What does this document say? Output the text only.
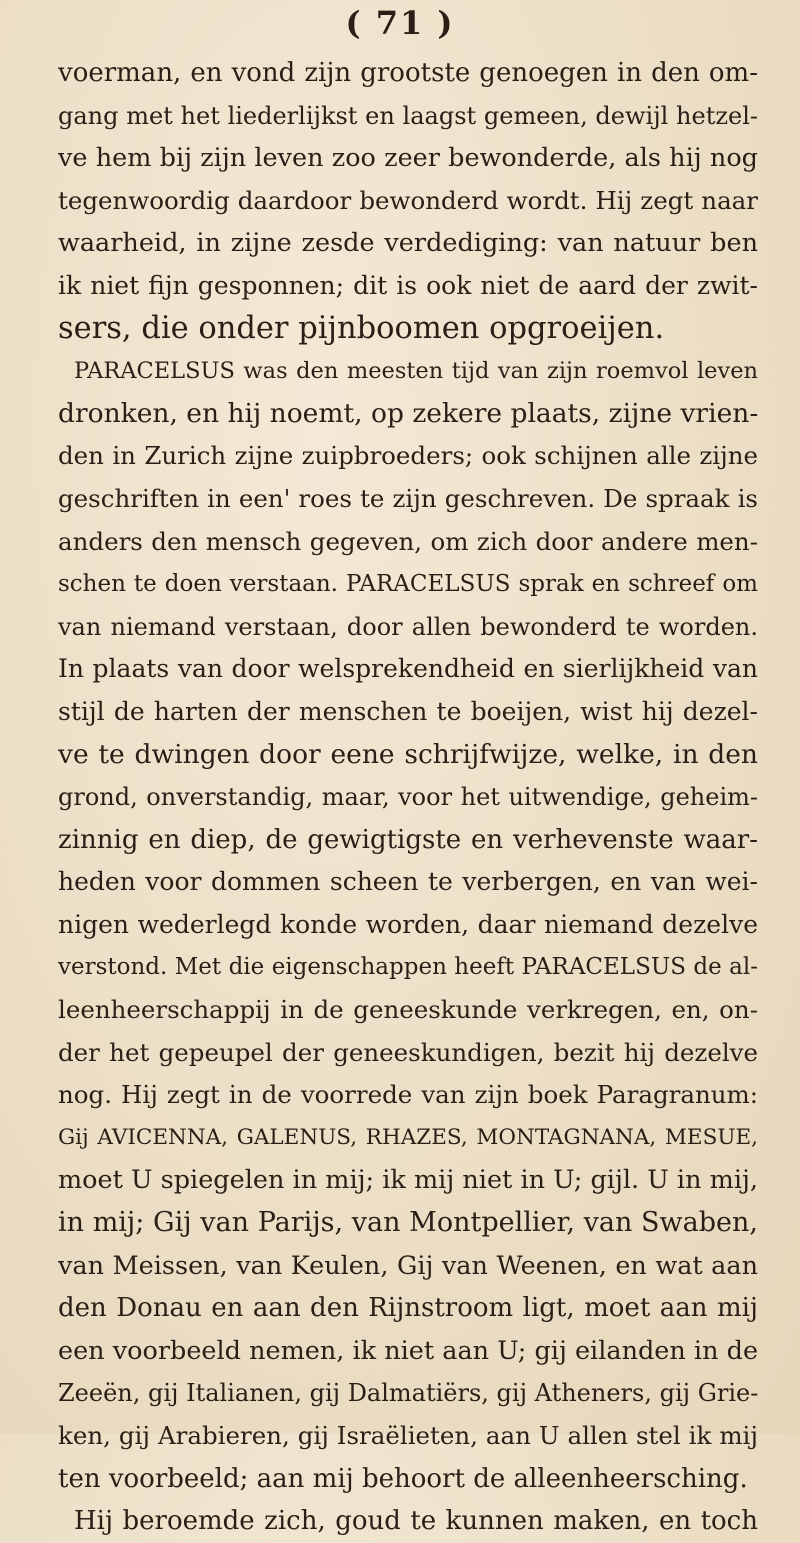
( 71 )
voerman, en vond zijn grootste genoegen in den om-
gang met het liederlijkst en laagst gemeen, dewijl hetzel-
ve hem bij zijn leven zoo zeer bewonderde, als hij nog
tegenwoordig daardoor bewonderd wordt. Hij zegt naar
waarheid, in zijne zesde verdediging: van natuur ben
ik niet fijn gesponnen; dit is ook niet de aard der zwit-
sers, die onder pijnboomen opgroeijen.
PARACELSUS was den meesten tijd van zijn roemvol leven
dronken, en hij noemt, op zekere plaats, zijne vrien-
den in Zurich zijne zuipbroeders; ook schijnen alle zijne
geschriften in een' roes te zijn geschreven. De spraak is
anders den mensch gegeven, om zich door andere men-
schen te doen verstaan. PARACELSUS sprak en schreef om
van niemand verstaan, door allen bewonderd te worden.
In plaats van door welsprekendheid en sierlijkheid van
stijl de harten der menschen te boeijen, wist hij dezel-
ve te dwingen door eene schrijfwijze, welke, in den
grond, onverstandig, maar, voor het uitwendige, geheim-
zinnig en diep, de gewigtigste en verhevenste waar-
heden voor dommen scheen te verbergen, en van wei-
nigen wederlegd konde worden, daar niemand dezelve
verstond. Met die eigenschappen heeft PARACELSUS de al-
leenheerschappij in de geneeskunde verkregen, en, on-
der het gepeupel der geneeskundigen, bezit hij dezelve
nog. Hij zegt in de voorrede van zijn boek Paragranum:
Gij AVICENNA, GALENUS, RHAZES, MONTAGNANA, MESUE,
moet U spiegelen in mij; ik mij niet in U; gijl. U in mij,
in mij; Gij van Parijs, van Montpellier, van Swaben,
van Meissen, van Keulen, Gij van Weenen, en wat aan
den Donau en aan den Rijnstroom ligt, moet aan mij
een voorbeeld nemen, ik niet aan U; gij eilanden in de
Zeeën, gij Italianen, gij Dalmatiërs, gij Atheners, gij Grie-
ken, gij Arabieren, gij Israëlieten, aan U allen stel ik mij
ten voorbeeld; aan mij behoort de alleenheersching.
Hij beroemde zich, goud te kunnen maken, en toch
